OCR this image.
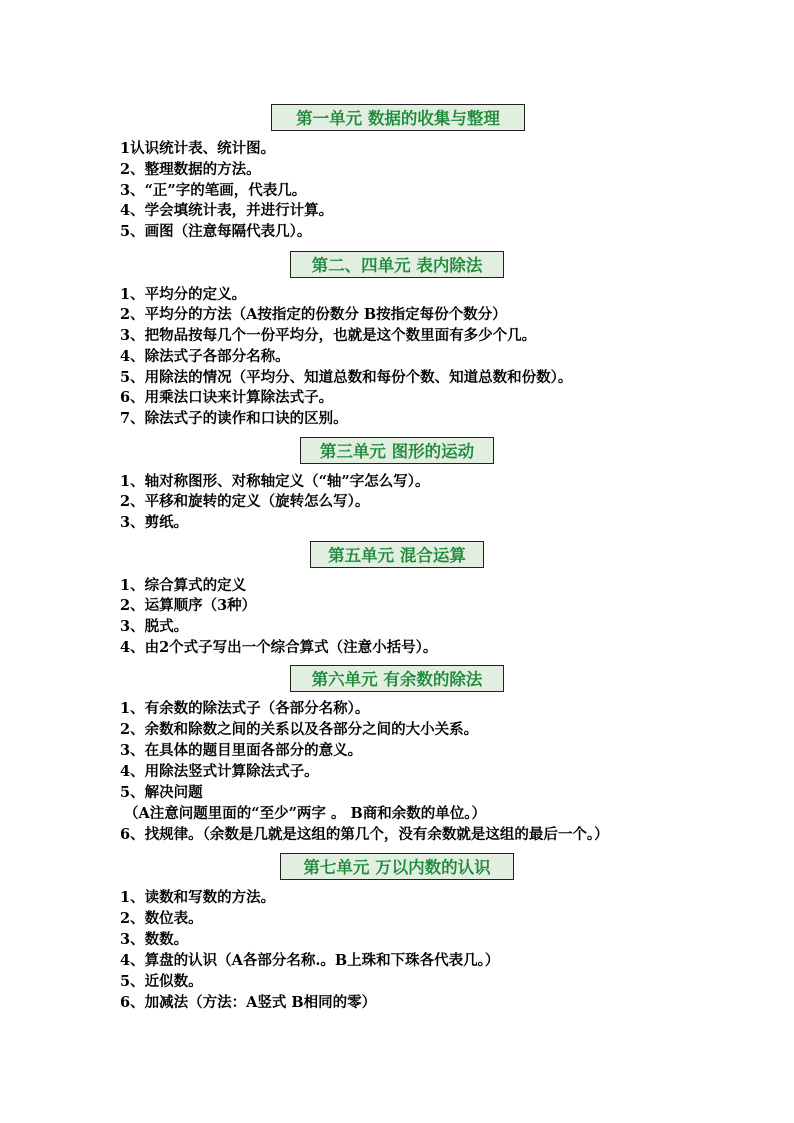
第一单元 数据的收集与整理
1认识统计表、统计图。
2、整理数据的方法。
3、“正”字的笔画，代表几。
4、学会填统计表，并进行计算。
5、画图（注意每隔代表几）。
第二、四单元 表内除法
1、平均分的定义。
2、平均分的方法（A按指定的份数分 B按指定每份个数分）
3、把物品按每几个一份平均分，也就是这个数里面有多少个几。
4、除法式子各部分名称。
5、用除法的情况（平均分、知道总数和每份个数、知道总数和份数）。
6、用乘法口诀来计算除法式子。
7、除法式子的读作和口诀的区别。
第三单元 图形的运动
1、轴对称图形、对称轴定义（“轴”字怎么写）。
2、平移和旋转的定义（旋转怎么写）。
3、剪纸。
第五单元 混合运算
1、综合算式的定义
2、运算顺序（3种）
3、脱式。
4、由2个式子写出一个综合算式（注意小括号）。
第六单元 有余数的除法
1、有余数的除法式子（各部分名称）。
2、余数和除数之间的关系以及各部分之间的大小关系。
3、在具体的题目里面各部分的意义。
4、用除法竖式计算除法式子。
5、解决问题
（A注意问题里面的“至少”两字 。 B商和余数的单位。）
6、找规律。（余数是几就是这组的第几个，没有余数就是这组的最后一个。）
第七单元 万以内数的认识
1、读数和写数的方法。
2、数位表。
3、数数。
4、算盘的认识（A各部分名称.。B上珠和下珠各代表几。）
5、近似数。
6、加减法（方法：A竖式 B相同的零）
